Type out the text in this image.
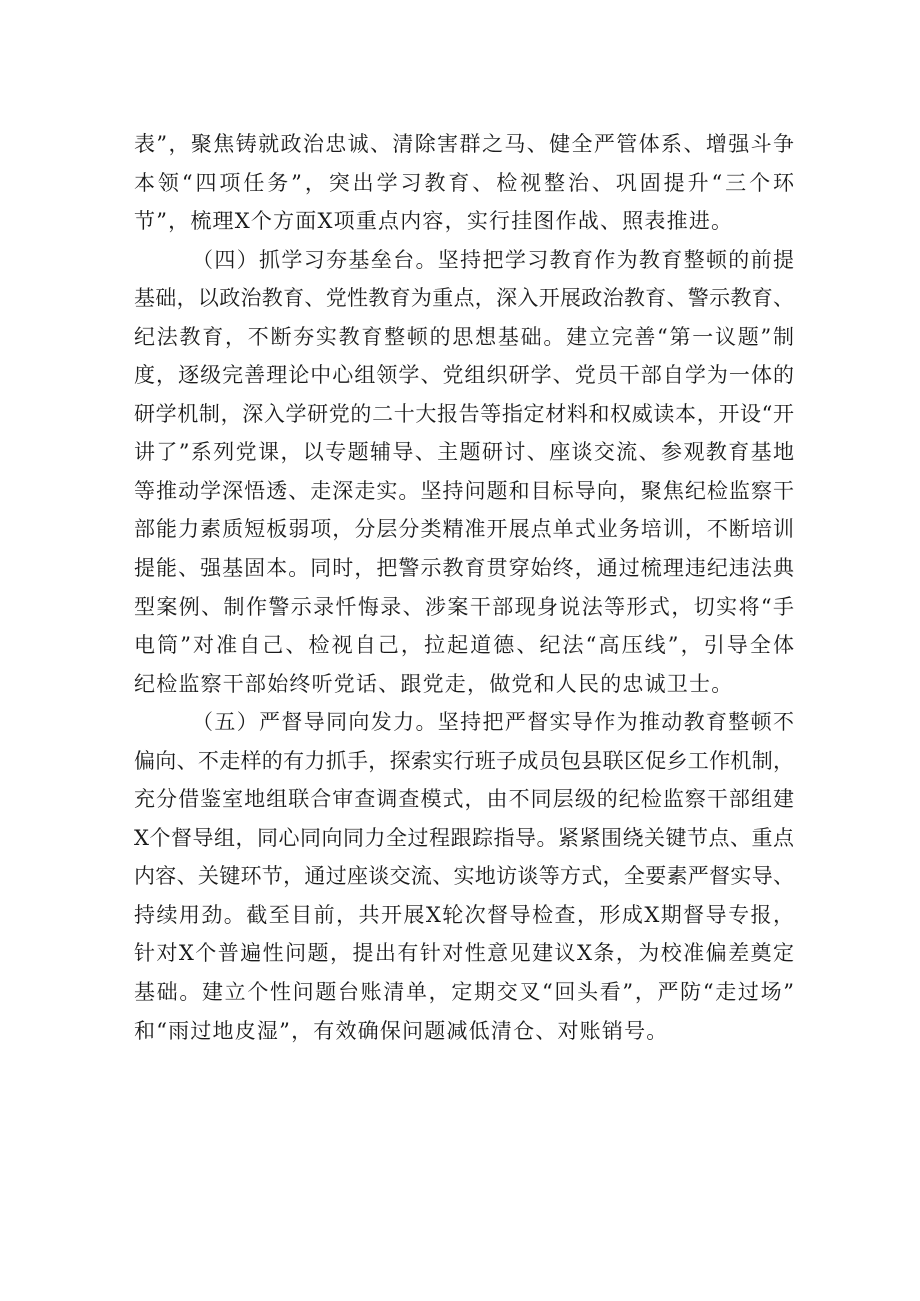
表”，聚焦铸就政治忠诚、清除害群之马、健全严管体系、增强斗争
本领“四项任务”，突出学习教育、检视整治、巩固提升“三个环
节”，梳理X个方面X项重点内容，实行挂图作战、照表推进。
（四）抓学习夯基垒台。坚持把学习教育作为教育整顿的前提
基础，以政治教育、党性教育为重点，深入开展政治教育、警示教育、
纪法教育，不断夯实教育整顿的思想基础。建立完善“第一议题”制
度，逐级完善理论中心组领学、党组织研学、党员干部自学为一体的
研学机制，深入学研党的二十大报告等指定材料和权威读本，开设“开
讲了”系列党课，以专题辅导、主题研讨、座谈交流、参观教育基地
等推动学深悟透、走深走实。坚持问题和目标导向，聚焦纪检监察干
部能力素质短板弱项，分层分类精准开展点单式业务培训，不断培训
提能、强基固本。同时，把警示教育贯穿始终，通过梳理违纪违法典
型案例、制作警示录忏悔录、涉案干部现身说法等形式，切实将“手
电筒”对准自己、检视自己，拉起道德、纪法“高压线”，引导全体
纪检监察干部始终听党话、跟党走，做党和人民的忠诚卫士。
（五）严督导同向发力。坚持把严督实导作为推动教育整顿不
偏向、不走样的有力抓手，探索实行班子成员包县联区促乡工作机制，
充分借鉴室地组联合审查调查模式，由不同层级的纪检监察干部组建
X个督导组，同心同向同力全过程跟踪指导。紧紧围绕关键节点、重点
内容、关键环节，通过座谈交流、实地访谈等方式，全要素严督实导、
持续用劲。截至目前，共开展X轮次督导检查，形成X期督导专报，
针对X个普遍性问题，提出有针对性意见建议X条，为校准偏差奠定
基础。建立个性问题台账清单，定期交叉“回头看”，严防“走过场”
和“雨过地皮湿”，有效确保问题减低清仓、对账销号。
